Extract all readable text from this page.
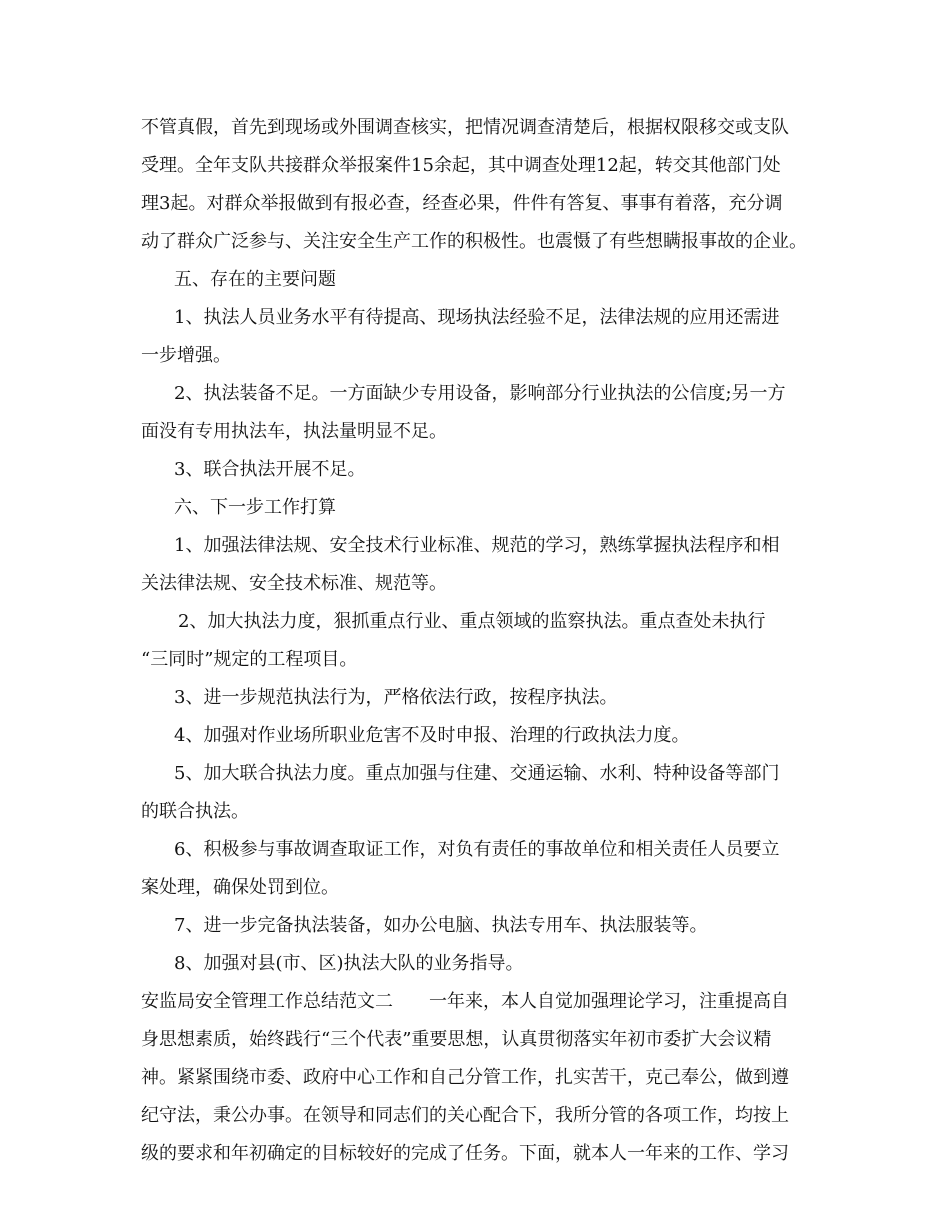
不管真假，首先到现场或外围调查核实，把情况调查清楚后，根据权限移交或支队
受理。全年支队共接群众举报案件15余起，其中调查处理12起，转交其他部门处
理3起。对群众举报做到有报必查，经查必果，件件有答复、事事有着落，充分调
动了群众广泛参与、关注安全生产工作的积极性。也震慑了有些想瞒报事故的企业。
五、存在的主要问题
1、执法人员业务水平有待提高、现场执法经验不足，法律法规的应用还需进
一步增强。
2、执法装备不足。一方面缺少专用设备，影响部分行业执法的公信度;另一方
面没有专用执法车，执法量明显不足。
3、联合执法开展不足。
六、下一步工作打算
1、加强法律法规、安全技术行业标准、规范的学习，熟练掌握执法程序和相
关法律法规、安全技术标准、规范等。
2、加大执法力度，狠抓重点行业、重点领域的监察执法。重点查处未执行
“三同时”规定的工程项目。
3、进一步规范执法行为，严格依法行政，按程序执法。
4、加强对作业场所职业危害不及时申报、治理的行政执法力度。
5、加大联合执法力度。重点加强与住建、交通运输、水利、特种设备等部门
的联合执法。
6、积极参与事故调查取证工作，对负有责任的事故单位和相关责任人员要立
案处理，确保处罚到位。
7、进一步完备执法装备，如办公电脑、执法专用车、执法服装等。
8、加强对县(市、区)执法大队的业务指导。
安监局安全管理工作总结范文二　　一年来，本人自觉加强理论学习，注重提高自
身思想素质，始终践行“三个代表”重要思想，认真贯彻落实年初市委扩大会议精
神。紧紧围绕市委、政府中心工作和自己分管工作，扎实苦干，克己奉公，做到遵
纪守法，秉公办事。在领导和同志们的关心配合下，我所分管的各项工作，均按上
级的要求和年初确定的目标较好的完成了任务。下面，就本人一年来的工作、学习
